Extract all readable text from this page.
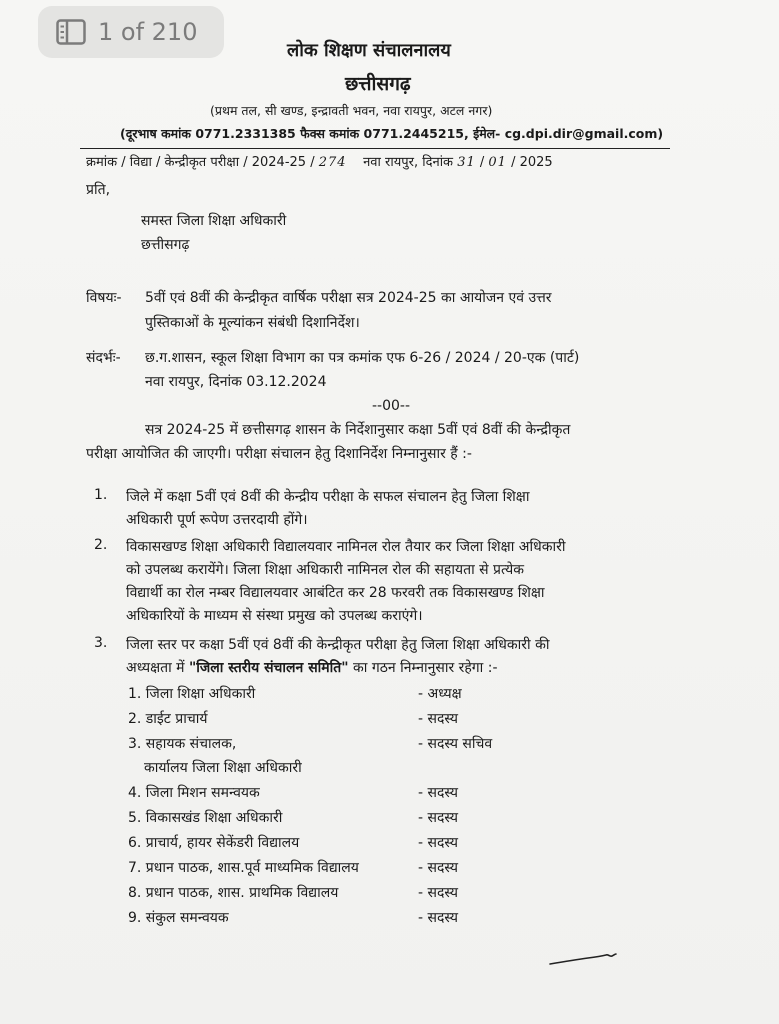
1 of 210
लोक शिक्षण संचालनालय
छत्तीसगढ़
(प्रथम तल, सी खण्ड, इन्द्रावती भवन, नवा रायपुर, अटल नगर)
(दूरभाष कमांक 0771.2331385 फैक्स कमांक 0771.2445215, ईमेल- cg.dpi.dir@gmail.com)
क्रमांक / विद्या / केन्द्रीकृत परीक्षा / 2024-25 / 274 नवा रायपुर, दिनांक 31 / 01 / 2025
प्रति,
समस्त जिला शिक्षा अधिकारी
छत्तीसगढ़
विषयः- 5वीं एवं 8वीं की केन्द्रीकृत वार्षिक परीक्षा सत्र 2024-25 का आयोजन एवं उत्तर
पुस्तिकाओं के मूल्यांकन संबंधी दिशानिर्देश।
संदर्भः- छ.ग.शासन, स्कूल शिक्षा विभाग का पत्र कमांक एफ 6-26 / 2024 / 20-एक (पार्ट)
नवा रायपुर, दिनांक 03.12.2024
--00--
सत्र 2024-25 में छत्तीसगढ़ शासन के निर्देशानुसार कक्षा 5वीं एवं 8वीं की केन्द्रीकृत
परीक्षा आयोजित की जाएगी। परीक्षा संचालन हेतु दिशानिर्देश निम्नानुसार हैं :-
1. जिले में कक्षा 5वीं एवं 8वीं की केन्द्रीय परीक्षा के सफल संचालन हेतु जिला शिक्षा
अधिकारी पूर्ण रूपेण उत्तरदायी होंगे।
2. विकासखण्ड शिक्षा अधिकारी विद्यालयवार नामिनल रोल तैयार कर जिला शिक्षा अधिकारी
को उपलब्ध करायेंगे। जिला शिक्षा अधिकारी नामिनल रोल की सहायता से प्रत्येक
विद्यार्थी का रोल नम्बर विद्यालयवार आबंटित कर 28 फरवरी तक विकासखण्ड शिक्षा
अधिकारियों के माध्यम से संस्था प्रमुख को उपलब्ध कराएंगे।
3. जिला स्तर पर कक्षा 5वीं एवं 8वीं की केन्द्रीकृत परीक्षा हेतु जिला शिक्षा अधिकारी की
अध्यक्षता में "जिला स्तरीय संचालन समिति" का गठन निम्नानुसार रहेगा :-
1. जिला शिक्षा अधिकारी	- अध्यक्ष
2. डाईट प्राचार्य	- सदस्य
3. सहायक संचालक,	- सदस्य सचिव
कार्यालय जिला शिक्षा अधिकारी
4. जिला मिशन समन्वयक	- सदस्य
5. विकासखंड शिक्षा अधिकारी	- सदस्य
6. प्राचार्य, हायर सेकेंडरी विद्यालय	- सदस्य
7. प्रधान पाठक, शास.पूर्व माध्यमिक विद्यालय	- सदस्य
8. प्रधान पाठक, शास. प्राथमिक विद्यालय	- सदस्य
9. संकुल समन्वयक	- सदस्य
